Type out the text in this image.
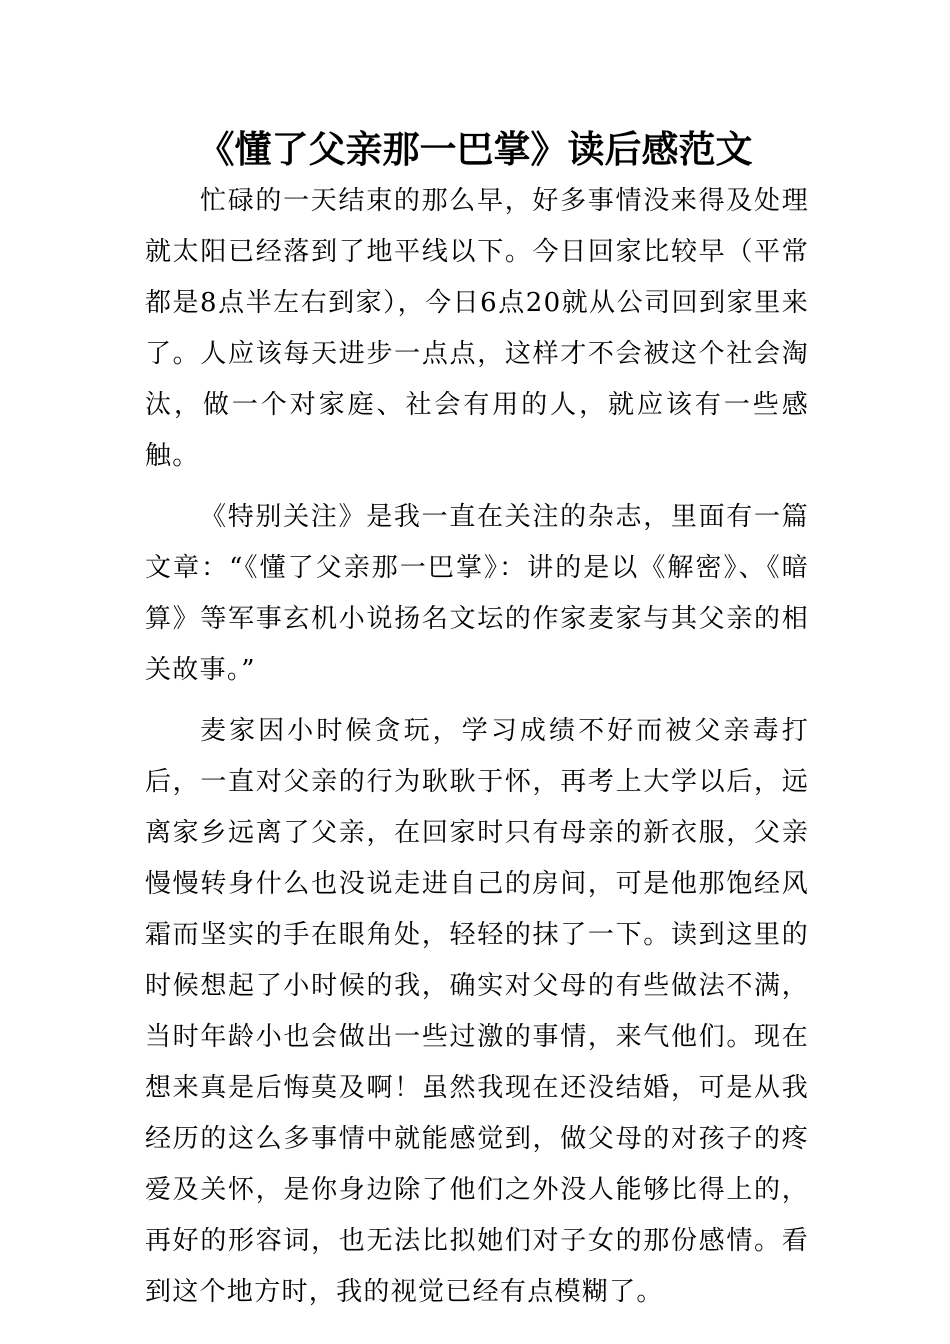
《懂了父亲那一巴掌》读后感范文

忙碌的一天结束的那么早，好多事情没来得及处理就太阳已经落到了地平线以下。今日回家比较早（平常都是8点半左右到家），今日6点20就从公司回到家里来了。人应该每天进步一点点，这样才不会被这个社会淘汰，做一个对家庭、社会有用的人，就应该有一些感触。

《特别关注》是我一直在关注的杂志，里面有一篇文章：“《懂了父亲那一巴掌》：讲的是以《解密》、《暗算》等军事玄机小说扬名文坛的作家麦家与其父亲的相关故事。”

麦家因小时候贪玩，学习成绩不好而被父亲毒打后，一直对父亲的行为耿耿于怀，再考上大学以后，远离家乡远离了父亲，在回家时只有母亲的新衣服，父亲慢慢转身什么也没说走进自己的房间，可是他那饱经风霜而坚实的手在眼角处，轻轻的抹了一下。读到这里的时候想起了小时候的我，确实对父母的有些做法不满，当时年龄小也会做出一些过激的事情，来气他们。现在想来真是后悔莫及啊！虽然我现在还没结婚，可是从我经历的这么多事情中就能感觉到，做父母的对孩子的疼爱及关怀，是你身边除了他们之外没人能够比得上的，再好的形容词，也无法比拟她们对子女的那份感情。看到这个地方时，我的视觉已经有点模糊了。
